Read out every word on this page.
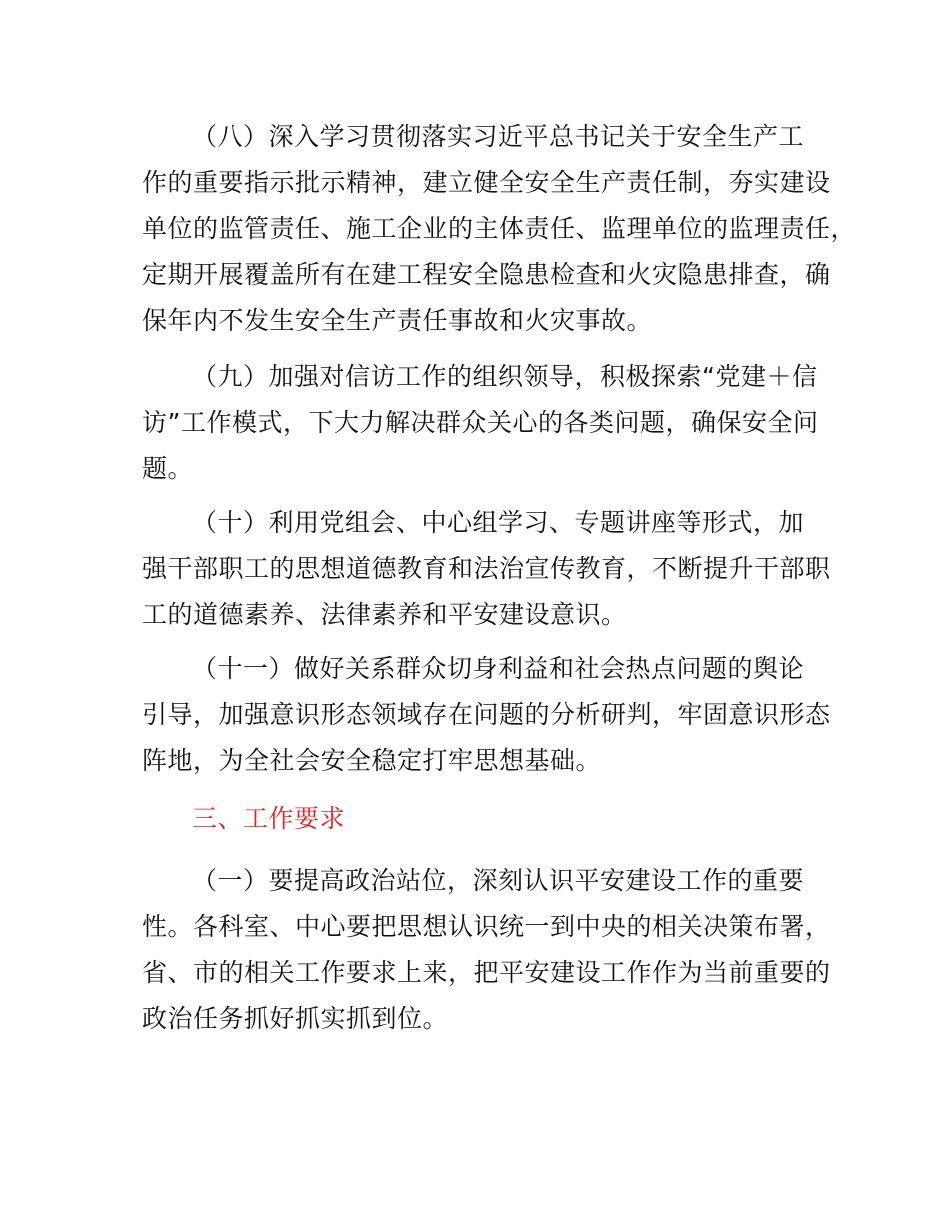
（八）深入学习贯彻落实习近平总书记关于安全生产工
作的重要指示批示精神，建立健全安全生产责任制，夯实建设
单位的监管责任、施工企业的主体责任、监理单位的监理责任，
定期开展覆盖所有在建工程安全隐患检查和火灾隐患排查，确
保年内不发生安全生产责任事故和火灾事故。
（九）加强对信访工作的组织领导，积极探索“党建＋信
访”工作模式，下大力解决群众关心的各类问题，确保安全问
题。
（十）利用党组会、中心组学习、专题讲座等形式，加
强干部职工的思想道德教育和法治宣传教育，不断提升干部职
工的道德素养、法律素养和平安建设意识。
（十一）做好关系群众切身利益和社会热点问题的舆论
引导，加强意识形态领域存在问题的分析研判，牢固意识形态
阵地，为全社会安全稳定打牢思想基础。
三、工作要求
（一）要提高政治站位，深刻认识平安建设工作的重要
性。各科室、中心要把思想认识统一到中央的相关决策布署，
省、市的相关工作要求上来，把平安建设工作作为当前重要的
政治任务抓好抓实抓到位。
